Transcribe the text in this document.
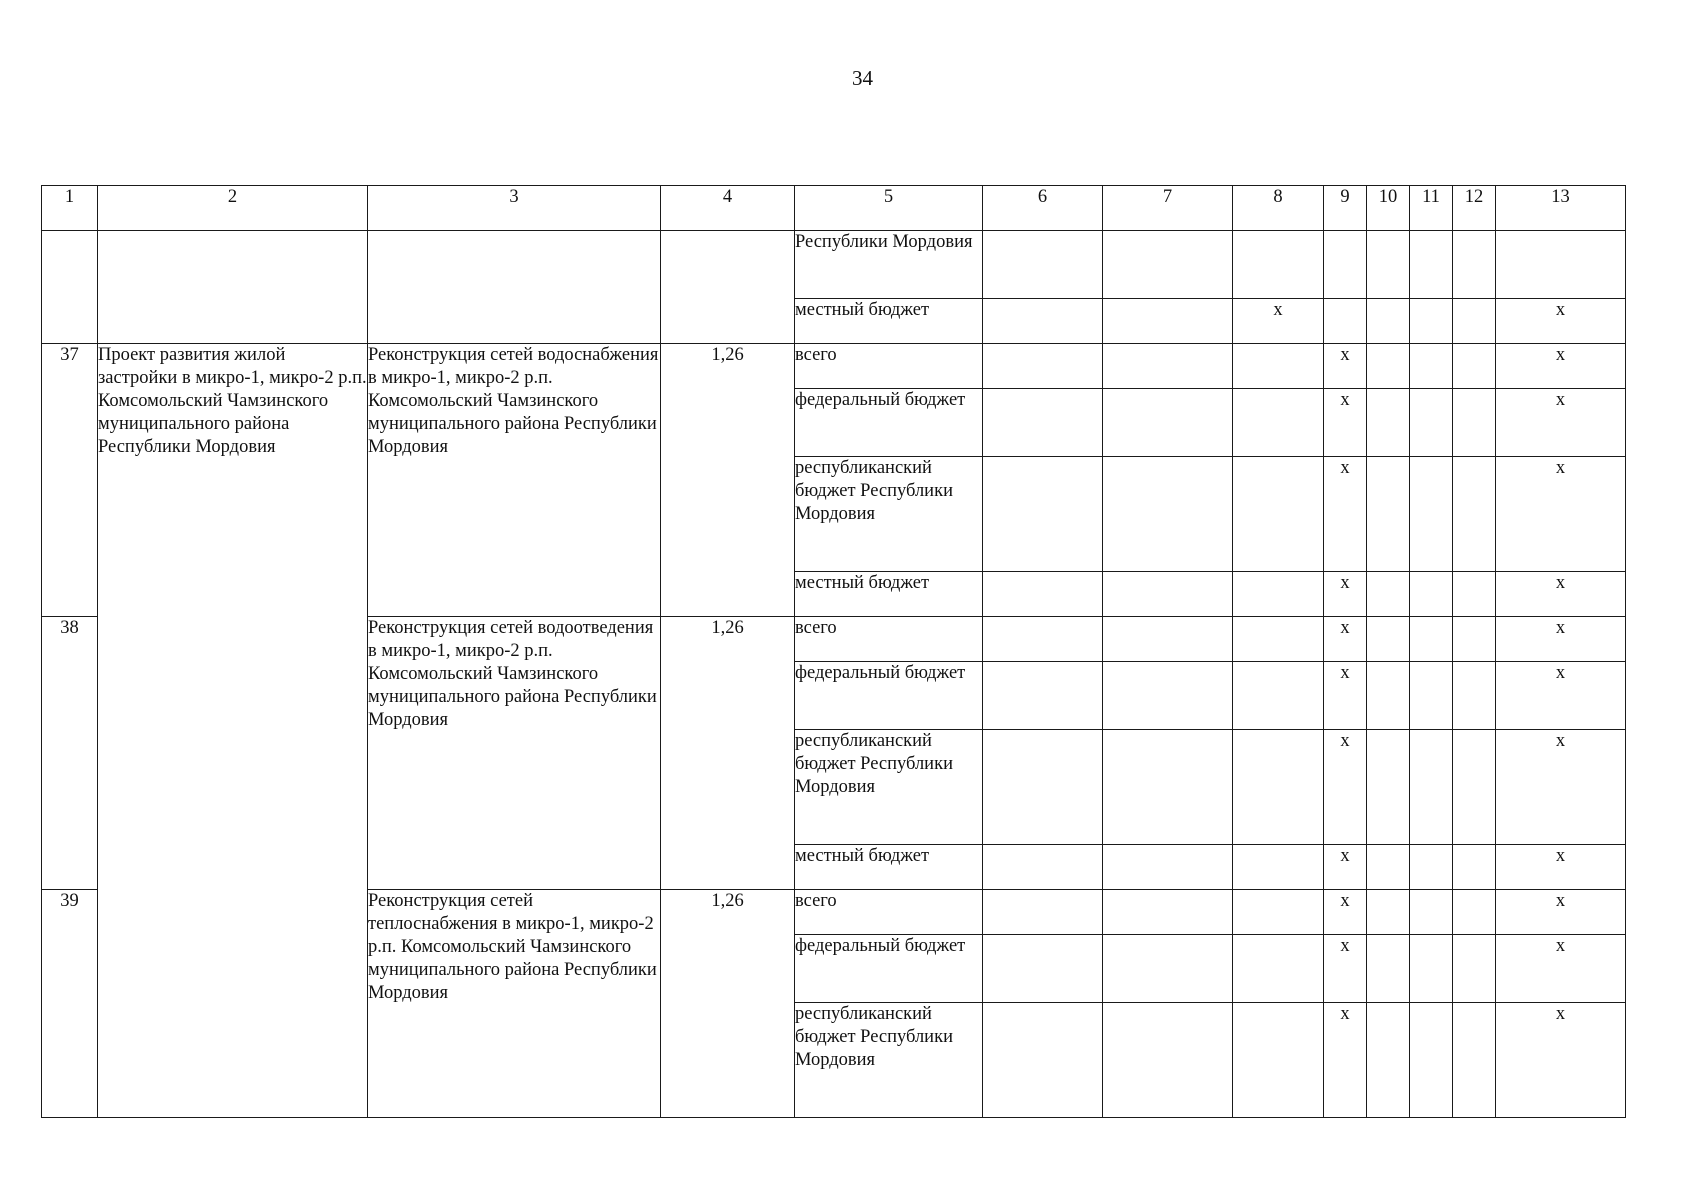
34
1	2	3	4	5	6	7	8	9	10	11	12	13
				Республики Мордовия								
				местный бюджет			x					x
37	Проект развития жилой застройки в микро-1, микро-2 р.п. Комсомольский Чамзинского муниципального района Республики Мордовия	Реконструкция сетей водоснабжения в микро-1, микро-2 р.п. Комсомольский Чамзинского муниципального района Республики Мордовия	1,26	всего				x				x
				федеральный бюджет				x				x
				республиканский бюджет Республики Мордовия				x				x
				местный бюджет				x				x
38		Реконструкция сетей водоотведения в микро-1, микро-2 р.п. Комсомольский Чамзинского муниципального района Республики Мордовия	1,26	всего				x				x
				федеральный бюджет				x				x
				республиканский бюджет Республики Мордовия				x				x
				местный бюджет				x				x
39		Реконструкция сетей теплоснабжения в микро-1, микро-2 р.п. Комсомольский Чамзинского муниципального района Республики Мордовия	1,26	всего				x				x
				федеральный бюджет				x				x
				республиканский бюджет Республики Мордовия				x				x
